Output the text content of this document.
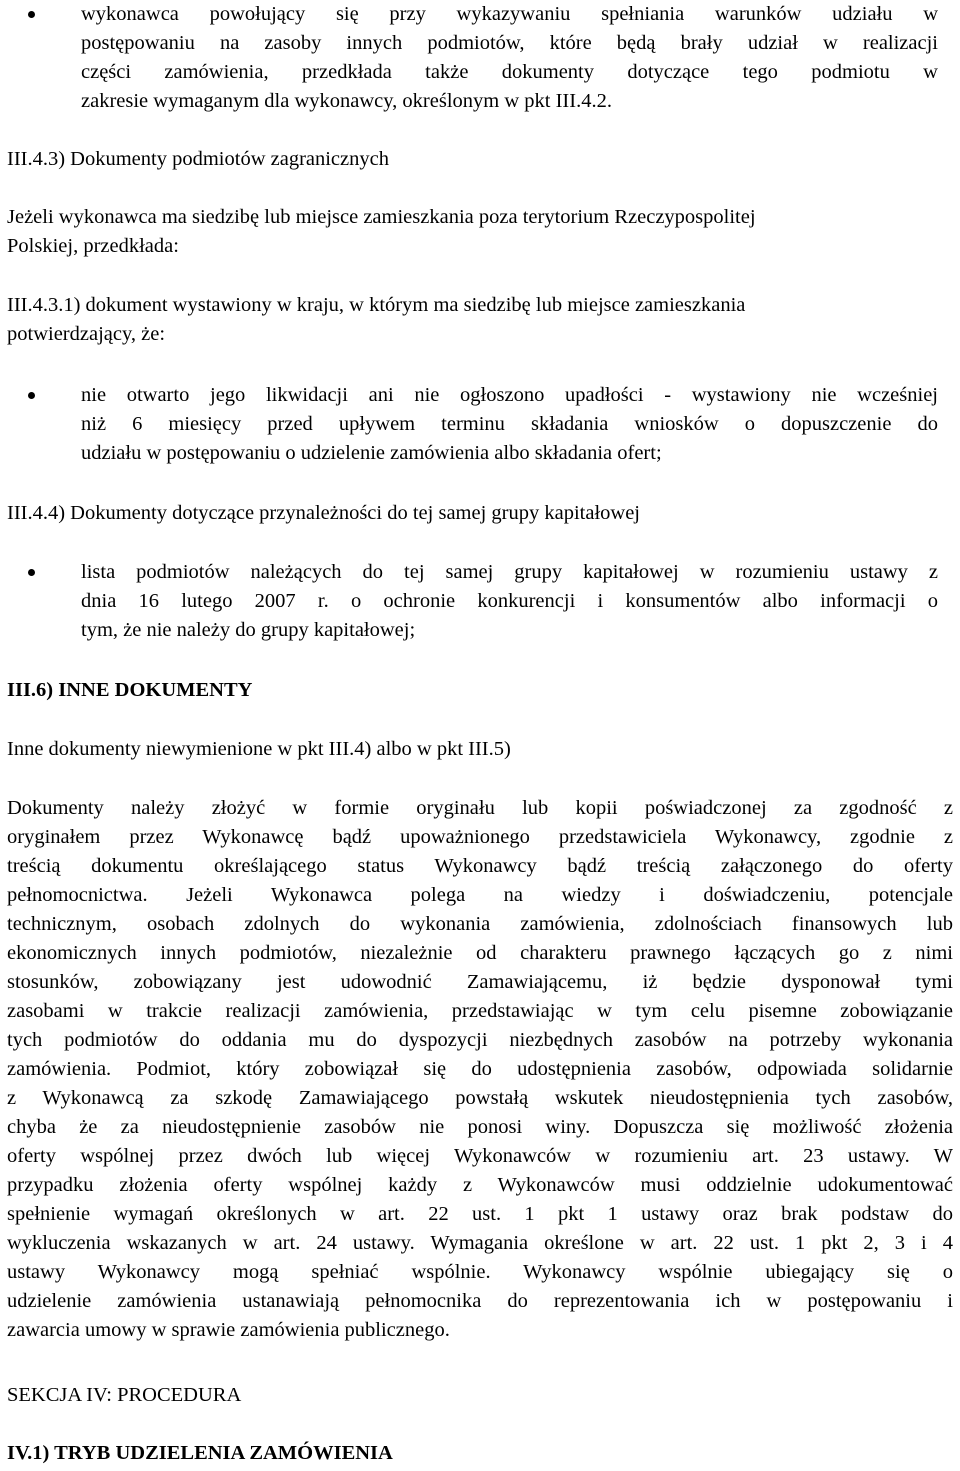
wykonawca powołujący się przy wykazywaniu spełniania warunków udziału w
postępowaniu na zasoby innych podmiotów, które będą brały udział w realizacji
części zamówienia, przedkłada także dokumenty dotyczące tego podmiotu w
zakresie wymaganym dla wykonawcy, określonym w pkt III.4.2.
III.4.3) Dokumenty podmiotów zagranicznych
Jeżeli wykonawca ma siedzibę lub miejsce zamieszkania poza terytorium Rzeczypospolitej
Polskiej, przedkłada:
III.4.3.1) dokument wystawiony w kraju, w którym ma siedzibę lub miejsce zamieszkania
potwierdzający, że:
nie otwarto jego likwidacji ani nie ogłoszono upadłości - wystawiony nie wcześniej
niż 6 miesięcy przed upływem terminu składania wniosków o dopuszczenie do
udziału w postępowaniu o udzielenie zamówienia albo składania ofert;
III.4.4) Dokumenty dotyczące przynależności do tej samej grupy kapitałowej
lista podmiotów należących do tej samej grupy kapitałowej w rozumieniu ustawy z
dnia 16 lutego 2007 r. o ochronie konkurencji i konsumentów albo informacji o
tym, że nie należy do grupy kapitałowej;
III.6) INNE DOKUMENTY
Inne dokumenty niewymienione w pkt III.4) albo w pkt III.5)
Dokumenty należy złożyć w formie oryginału lub kopii poświadczonej za zgodność z
oryginałem przez Wykonawcę bądź upoważnionego przedstawiciela Wykonawcy, zgodnie z
treścią dokumentu określającego status Wykonawcy bądź treścią załączonego do oferty
pełnomocnictwa. Jeżeli Wykonawca polega na wiedzy i doświadczeniu, potencjale
technicznym, osobach zdolnych do wykonania zamówienia, zdolnościach finansowych lub
ekonomicznych innych podmiotów, niezależnie od charakteru prawnego łączących go z nimi
stosunków, zobowiązany jest udowodnić Zamawiającemu, iż będzie dysponował tymi
zasobami w trakcie realizacji zamówienia, przedstawiając w tym celu pisemne zobowiązanie
tych podmiotów do oddania mu do dyspozycji niezbędnych zasobów na potrzeby wykonania
zamówienia. Podmiot, który zobowiązał się do udostępnienia zasobów, odpowiada solidarnie
z Wykonawcą za szkodę Zamawiającego powstałą wskutek nieudostępnienia tych zasobów,
chyba że za nieudostępnienie zasobów nie ponosi winy. Dopuszcza się możliwość złożenia
oferty wspólnej przez dwóch lub więcej Wykonawców w rozumieniu art. 23 ustawy. W
przypadku złożenia oferty wspólnej każdy z Wykonawców musi oddzielnie udokumentować
spełnienie wymagań określonych w art. 22 ust. 1 pkt 1 ustawy oraz brak podstaw do
wykluczenia wskazanych w art. 24 ustawy. Wymagania określone w art. 22 ust. 1 pkt 2, 3 i 4
ustawy Wykonawcy mogą spełniać wspólnie. Wykonawcy wspólnie ubiegający się o
udzielenie zamówienia ustanawiają pełnomocnika do reprezentowania ich w postępowaniu i
zawarcia umowy w sprawie zamówienia publicznego.
SEKCJA IV: PROCEDURA
IV.1) TRYB UDZIELENIA ZAMÓWIENIA
